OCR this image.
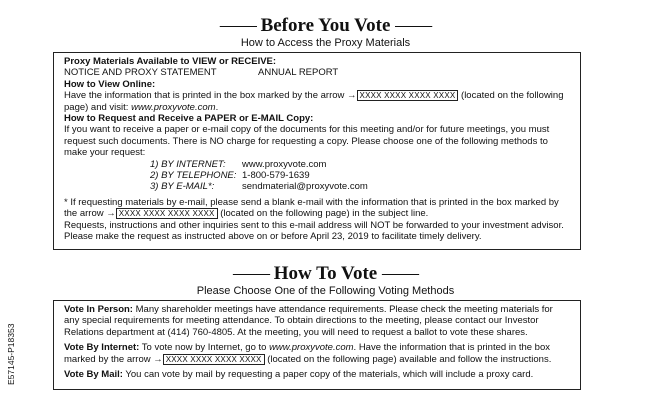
—— Before You Vote ——
How to Access the Proxy Materials
Proxy Materials Available to VIEW or RECEIVE:
NOTICE AND PROXY STATEMENT	ANNUAL REPORT
How to View Online:
Have the information that is printed in the box marked by the arrow → XXXX XXXX XXXX XXXX (located on the following page) and visit: www.proxyvote.com.
How to Request and Receive a PAPER or E-MAIL Copy:
If you want to receive a paper or e-mail copy of the documents for this meeting and/or for future meetings, you must request such documents. There is NO charge for requesting a copy. Please choose one of the following methods to make your request:
1) BY INTERNET:	www.proxyvote.com
2) BY TELEPHONE: 1-800-579-1639
3) BY E-MAIL*:	sendmaterial@proxyvote.com
* If requesting materials by e-mail, please send a blank e-mail with the information that is printed in the box marked by the arrow → XXXX XXXX XXXX XXXX (located on the following page) in the subject line.
Requests, instructions and other inquiries sent to this e-mail address will NOT be forwarded to your investment advisor. Please make the request as instructed above on or before April 23, 2019 to facilitate timely delivery.
—— How To Vote ——
Please Choose One of the Following Voting Methods
Vote In Person: Many shareholder meetings have attendance requirements. Please check the meeting materials for any special requirements for meeting attendance. To obtain directions to the meeting, please contact our Investor Relations department at (414) 760-4805. At the meeting, you will need to request a ballot to vote these shares.
Vote By Internet: To vote now by Internet, go to www.proxyvote.com. Have the information that is printed in the box marked by the arrow → XXXX XXXX XXXX XXXX (located on the following page) available and follow the instructions.
Vote By Mail: You can vote by mail by requesting a paper copy of the materials, which will include a proxy card.
E57145-P18353
